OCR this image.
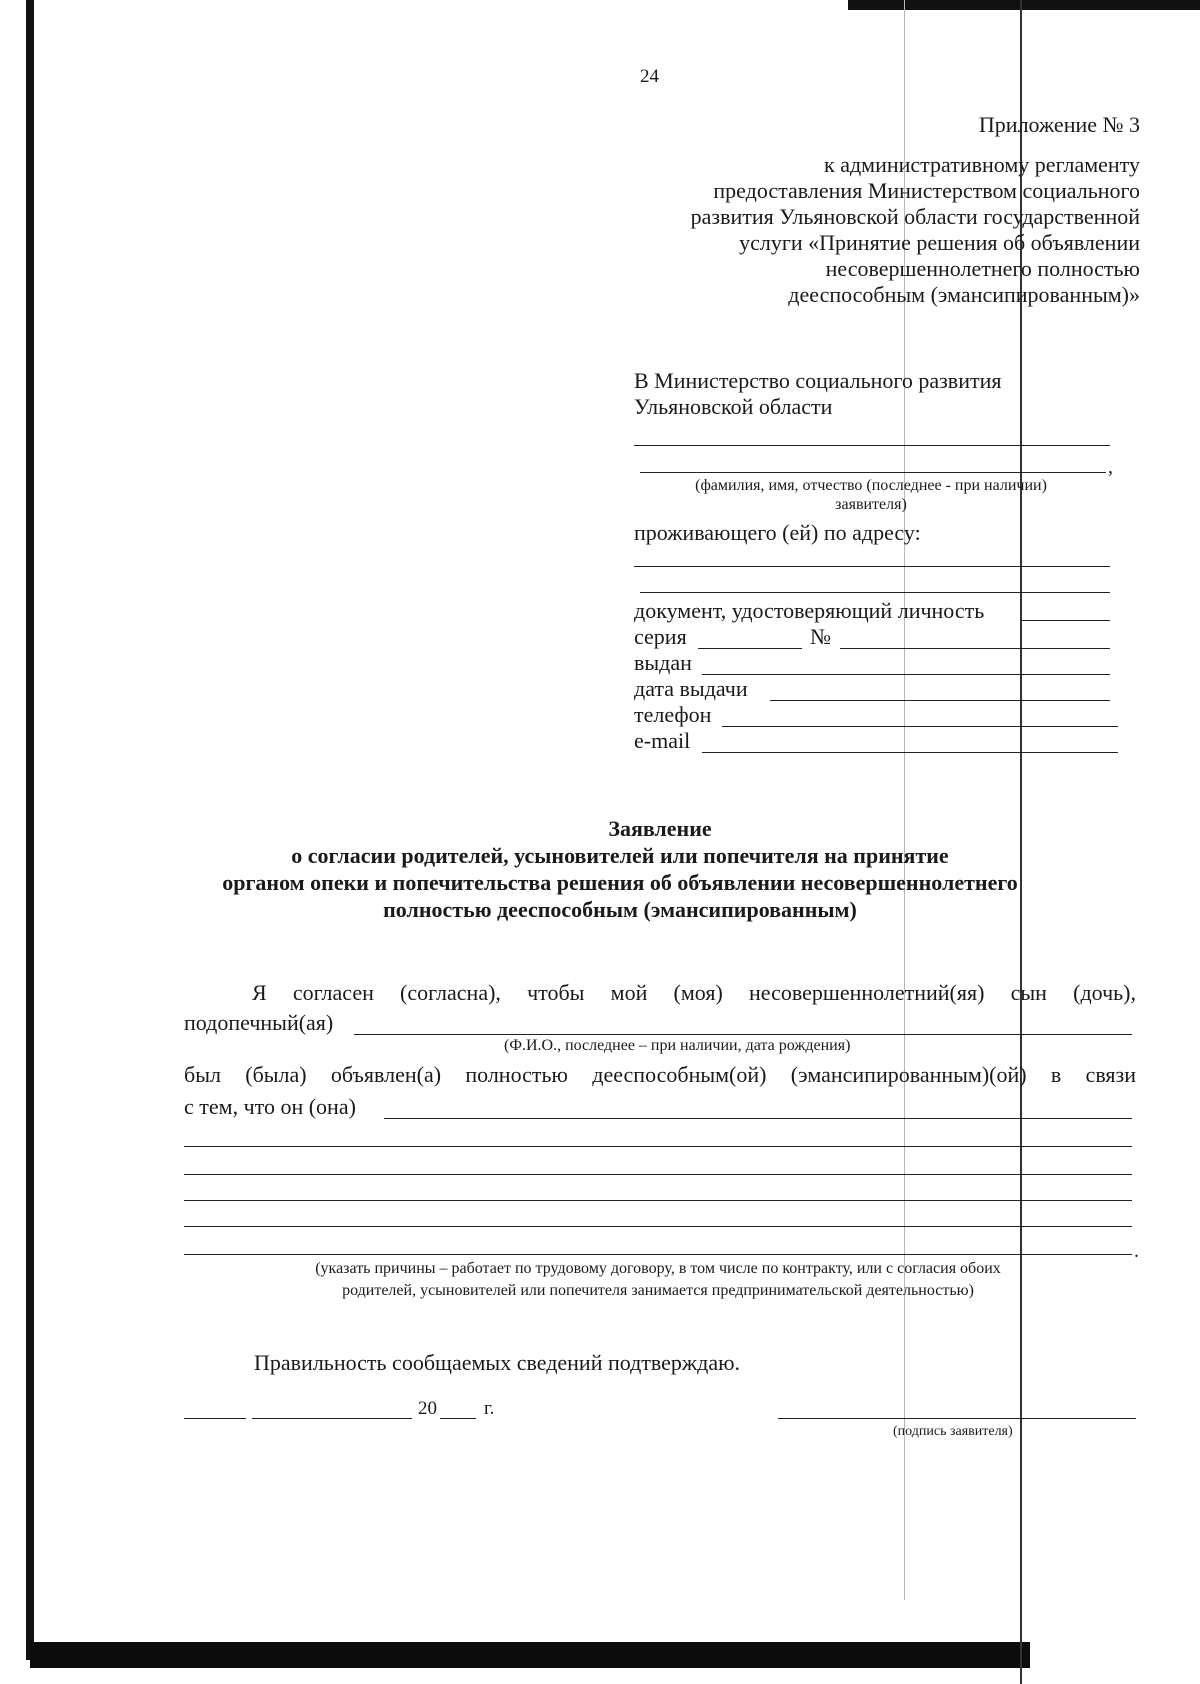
24
Приложение № 3
к административному регламенту
предоставления Министерством социального
развития Ульяновской области государственной
услуги «Принятие решения об объявлении
несовершеннолетнего полностью
дееспособным (эмансипированным)»
В Министерство социального развития
Ульяновской области
,
(фамилия, имя, отчество (последнее - при наличии)
заявителя)
проживающего (ей) по адресу:
документ, удостоверяющий личность
серия	№
выдан
дата выдачи
телефон
e-mail
Заявление
о согласии родителей, усыновителей или попечителя на принятие
органом опеки и попечительства решения об объявлении несовершеннолетнего
полностью дееспособным (эмансипированным)
Я согласен (согласна), чтобы мой (моя) несовершеннолетний(яя) сын (дочь),
подопечный(ая)
(Ф.И.О., последнее – при наличии, дата рождения)
был (была) объявлен(а) полностью дееспособным(ой) (эмансипированным)(ой) в связи
с тем, что он (она)
.
(указать причины – работает по трудовому договору, в том числе по контракту, или с согласия обоих
родителей, усыновителей или попечителя занимается предпринимательской деятельностью)
Правильность сообщаемых сведений подтверждаю.
20 г.
(подпись заявителя)
